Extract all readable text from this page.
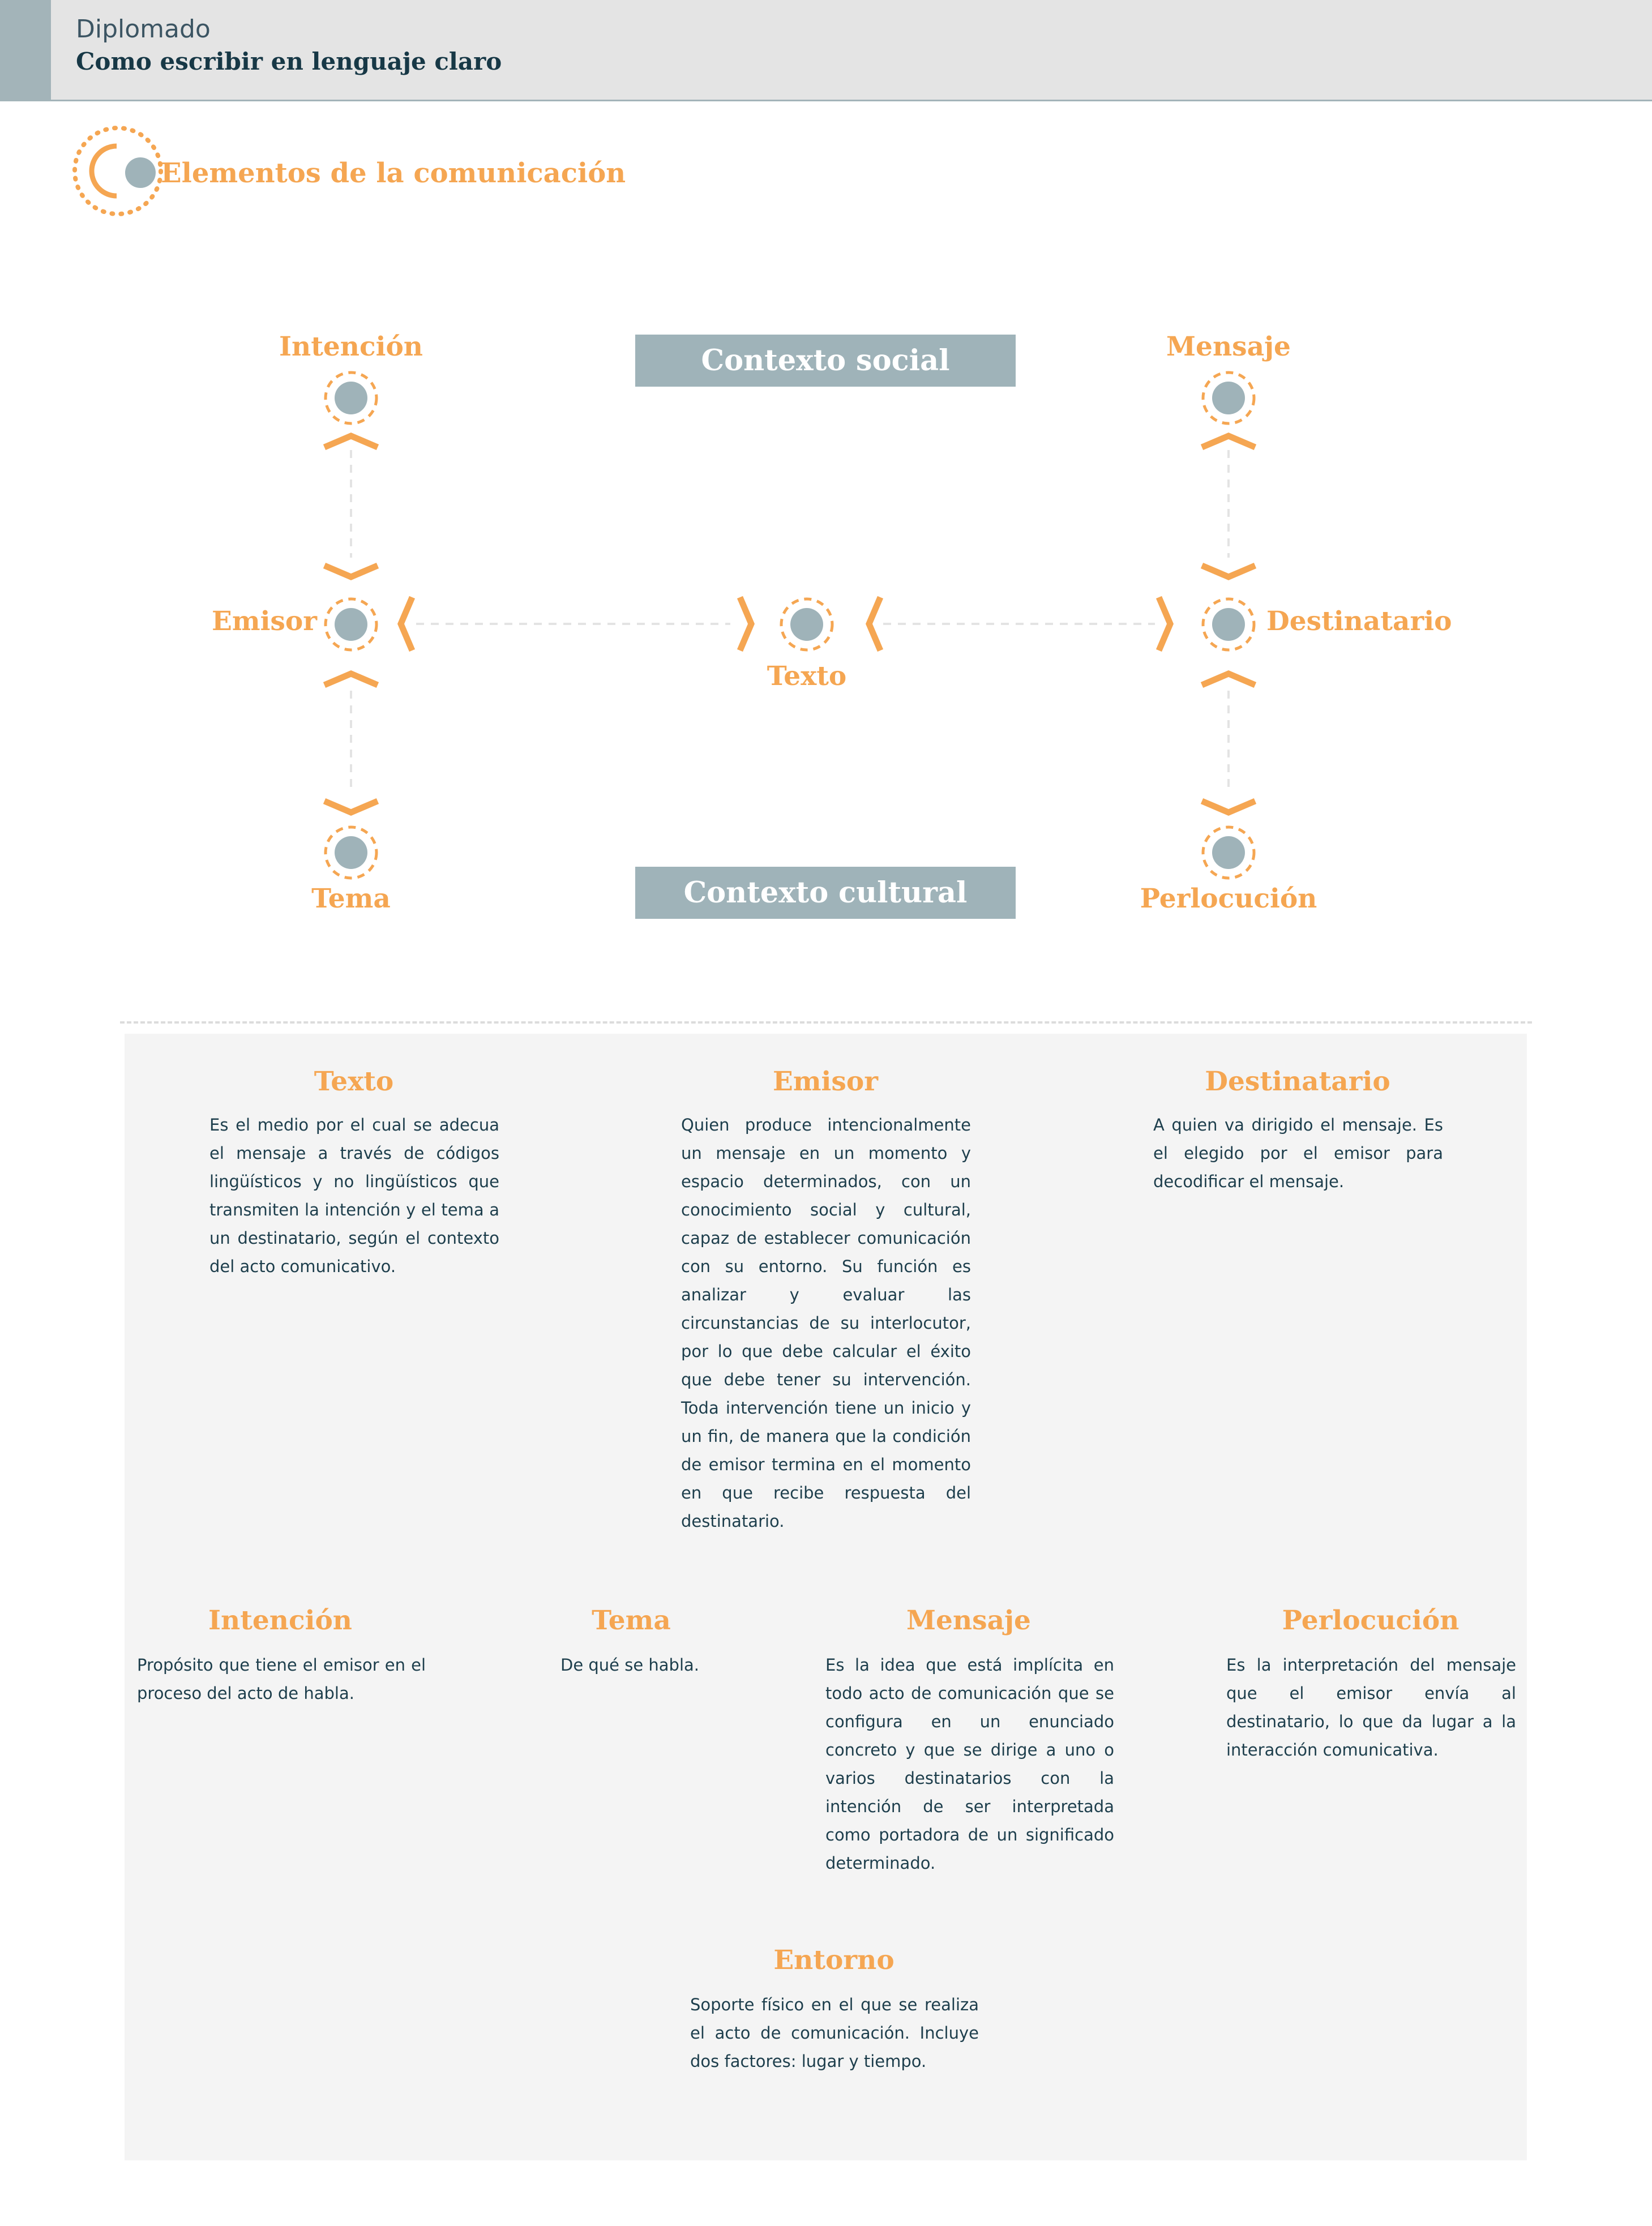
Diplomado
Como escribir en lenguaje claro
Elementos de la comunicación
Contexto social
Contexto cultural
Intención	Mensaje
Emisor
Texto
Destinatario
Tema	Perlocución
Texto

Es el medio por el cual se adecua el mensaje a través de códigos lingüísticos y no lingüísticos que transmiten la intención y el tema a un destinatario, según el contexto del acto comunicativo.

Emisor

Quien produce intencionalmente un mensaje en un momento y espacio determinados, con un conocimiento social y cultural, capaz de establecer comunicación con su entorno. Su función es analizar y evaluar las circunstancias de su interlocutor, por lo que debe calcular el éxito que debe tener su intervención. Toda intervención tiene un inicio y un fin, de manera que la condición de emisor termina en el momento en que recibe respuesta del destinatario.

Destinatario

A quien va dirigido el mensaje. Es el elegido por el emisor para decodificar el mensaje.

Intención

Propósito que tiene el emisor en el proceso del acto de habla.

Tema

De qué se habla.

Mensaje

Es la idea que está implícita en todo acto de comunicación que se configura en un enunciado concreto y que se dirige a uno o varios destinatarios con la intención de ser interpretada como portadora de un significado determinado.

Perlocución

Es la interpretación del mensaje que el emisor envía al destinatario, lo que da lugar a la interacción comunicativa.

Entorno

Soporte físico en el que se realiza el acto de comunicación. Incluye dos factores: lugar y tiempo.
